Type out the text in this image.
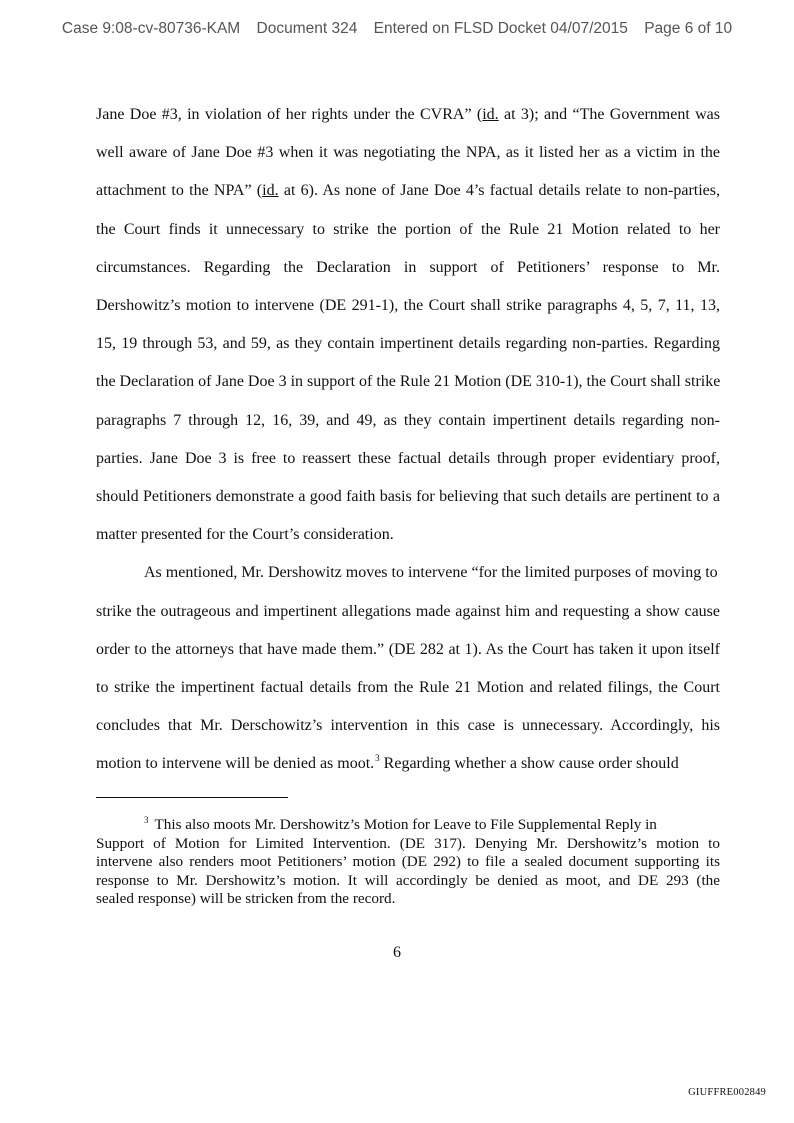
Case 9:08-cv-80736-KAM Document 324 Entered on FLSD Docket 04/07/2015 Page 6 of 10
Jane Doe #3, in violation of her rights under the CVRA” (id. at 3); and “The Government was
well aware of Jane Doe #3 when it was negotiating the NPA, as it listed her as a victim in the
attachment to the NPA” (id. at 6). As none of Jane Doe 4’s factual details relate to non-parties,
the Court finds it unnecessary to strike the portion of the Rule 21 Motion related to her
circumstances. Regarding the Declaration in support of Petitioners’ response to Mr.
Dershowitz’s motion to intervene (DE 291-1), the Court shall strike paragraphs 4, 5, 7, 11, 13,
15, 19 through 53, and 59, as they contain impertinent details regarding non-parties. Regarding
the Declaration of Jane Doe 3 in support of the Rule 21 Motion (DE 310-1), the Court shall strike
paragraphs 7 through 12, 16, 39, and 49, as they contain impertinent details regarding non-
parties. Jane Doe 3 is free to reassert these factual details through proper evidentiary proof,
should Petitioners demonstrate a good faith basis for believing that such details are pertinent to a
matter presented for the Court’s consideration.
As mentioned, Mr. Dershowitz moves to intervene “for the limited purposes of moving to
strike the outrageous and impertinent allegations made against him and requesting a show cause
order to the attorneys that have made them.” (DE 282 at 1). As the Court has taken it upon itself
to strike the impertinent factual details from the Rule 21 Motion and related filings, the Court
concludes that Mr. Derschowitz’s intervention in this case is unnecessary. Accordingly, his
motion to intervene will be denied as moot.$^3$ Regarding whether a show cause order should
$^3$ This also moots Mr. Dershowitz’s Motion for Leave to File Supplemental Reply in
Support of Motion for Limited Intervention. (DE 317). Denying Mr. Dershowitz’s motion to
intervene also renders moot Petitioners’ motion (DE 292) to file a sealed document supporting its
response to Mr. Dershowitz’s motion. It will accordingly be denied as moot, and DE 293 (the
sealed response) will be stricken from the record.
6
GIUFFRE002849
